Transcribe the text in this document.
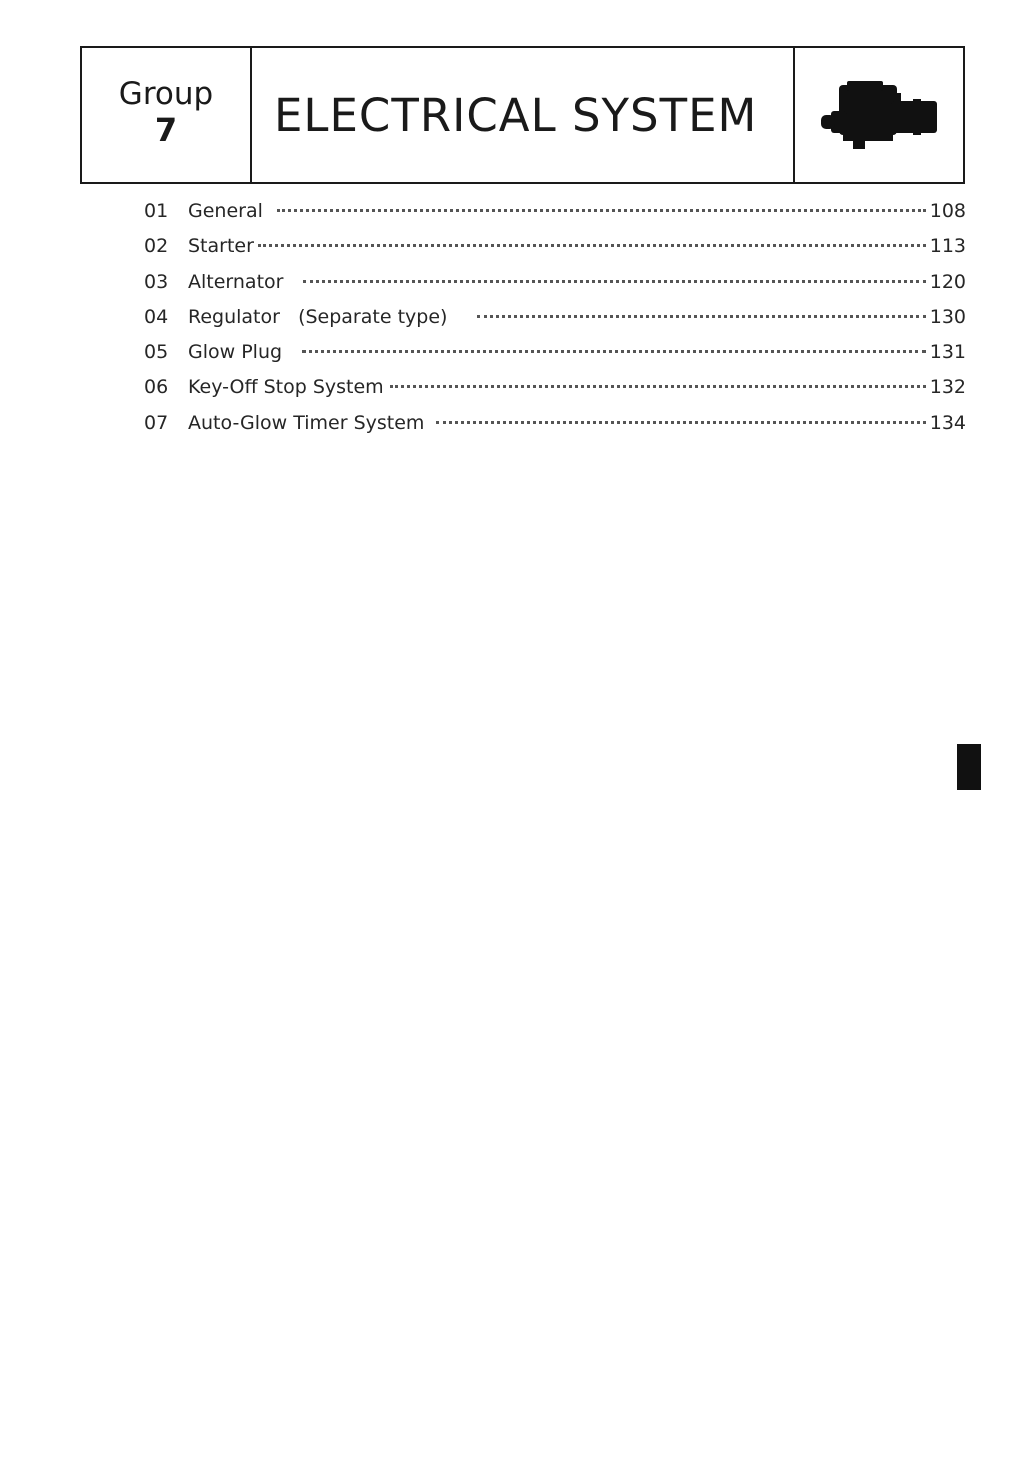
Group
7 ELECTRICAL SYSTEM
01	General	108
02	Starter	113
03	Alternator	120
04	Regulator   (Separate type)	130
05	Glow Plug	131
06	Key-Off Stop System	132
07	Auto-Glow Timer System	134
